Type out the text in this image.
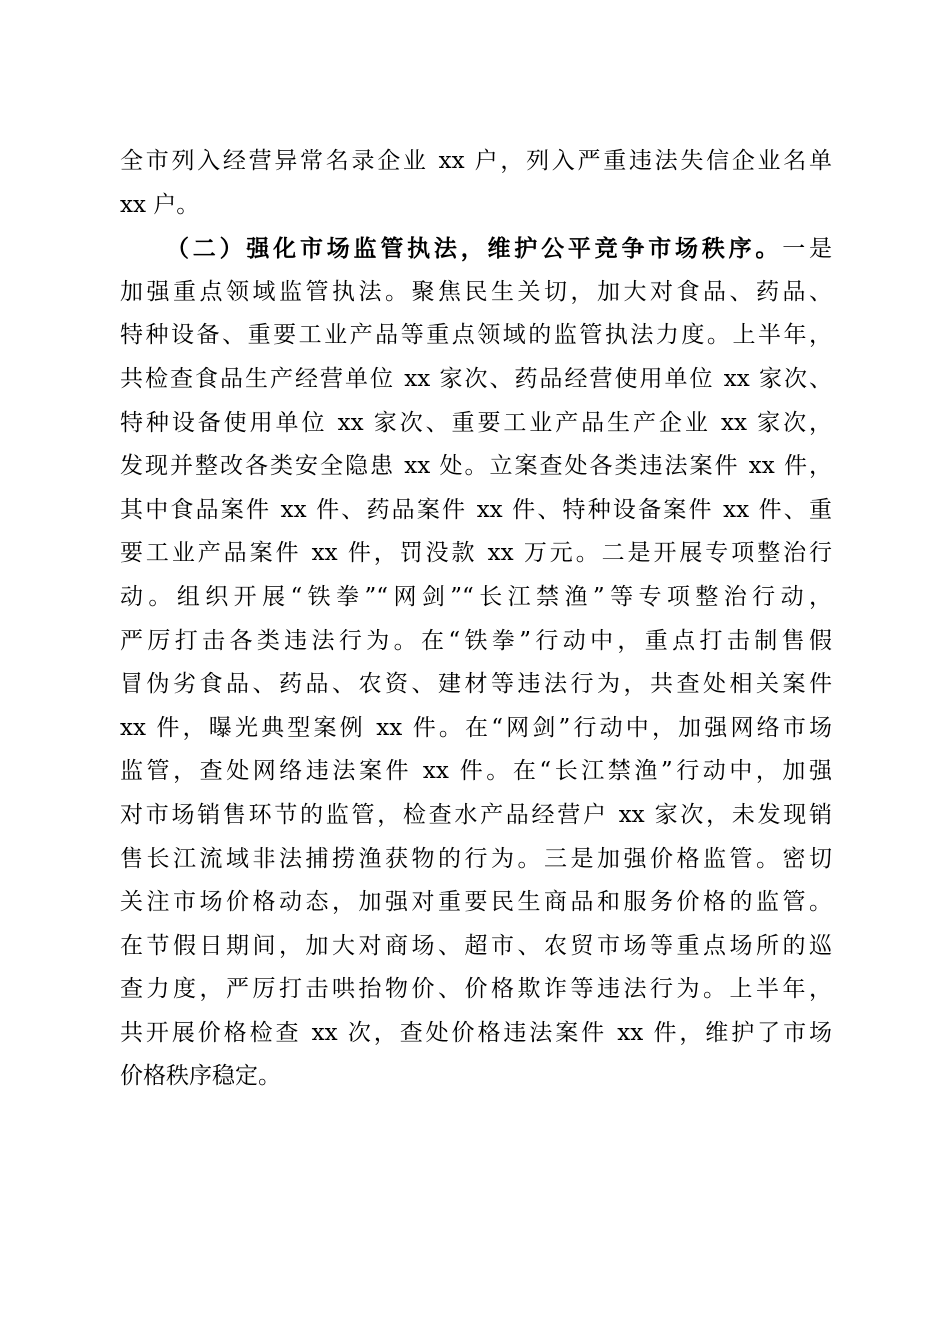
全市列入经营异常名录企业 xx 户，列入严重违法失信企业名单
xx 户。
（二）强化市场监管执法，维护公平竞争市场秩序。一是
加强重点领域监管执法。聚焦民生关切，加大对食品、药品、
特种设备、重要工业产品等重点领域的监管执法力度。上半年，
共检查食品生产经营单位 xx 家次、药品经营使用单位 xx 家次、
特种设备使用单位 xx 家次、重要工业产品生产企业 xx 家次，
发现并整改各类安全隐患 xx 处。立案查处各类违法案件 xx 件，
其中食品案件 xx 件、药品案件 xx 件、特种设备案件 xx 件、重
要工业产品案件 xx 件，罚没款 xx 万元。二是开展专项整治行
动。组织开展“铁拳”“网剑”“长江禁渔”等专项整治行动，
严厉打击各类违法行为。在“铁拳”行动中，重点打击制售假
冒伪劣食品、药品、农资、建材等违法行为，共查处相关案件
xx 件，曝光典型案例 xx 件。在“网剑”行动中，加强网络市场
监管，查处网络违法案件 xx 件。在“长江禁渔”行动中，加强
对市场销售环节的监管，检查水产品经营户 xx 家次，未发现销
售长江流域非法捕捞渔获物的行为。三是加强价格监管。密切
关注市场价格动态，加强对重要民生商品和服务价格的监管。
在节假日期间，加大对商场、超市、农贸市场等重点场所的巡
查力度，严厉打击哄抬物价、价格欺诈等违法行为。上半年，
共开展价格检查 xx 次，查处价格违法案件 xx 件，维护了市场
价格秩序稳定。
